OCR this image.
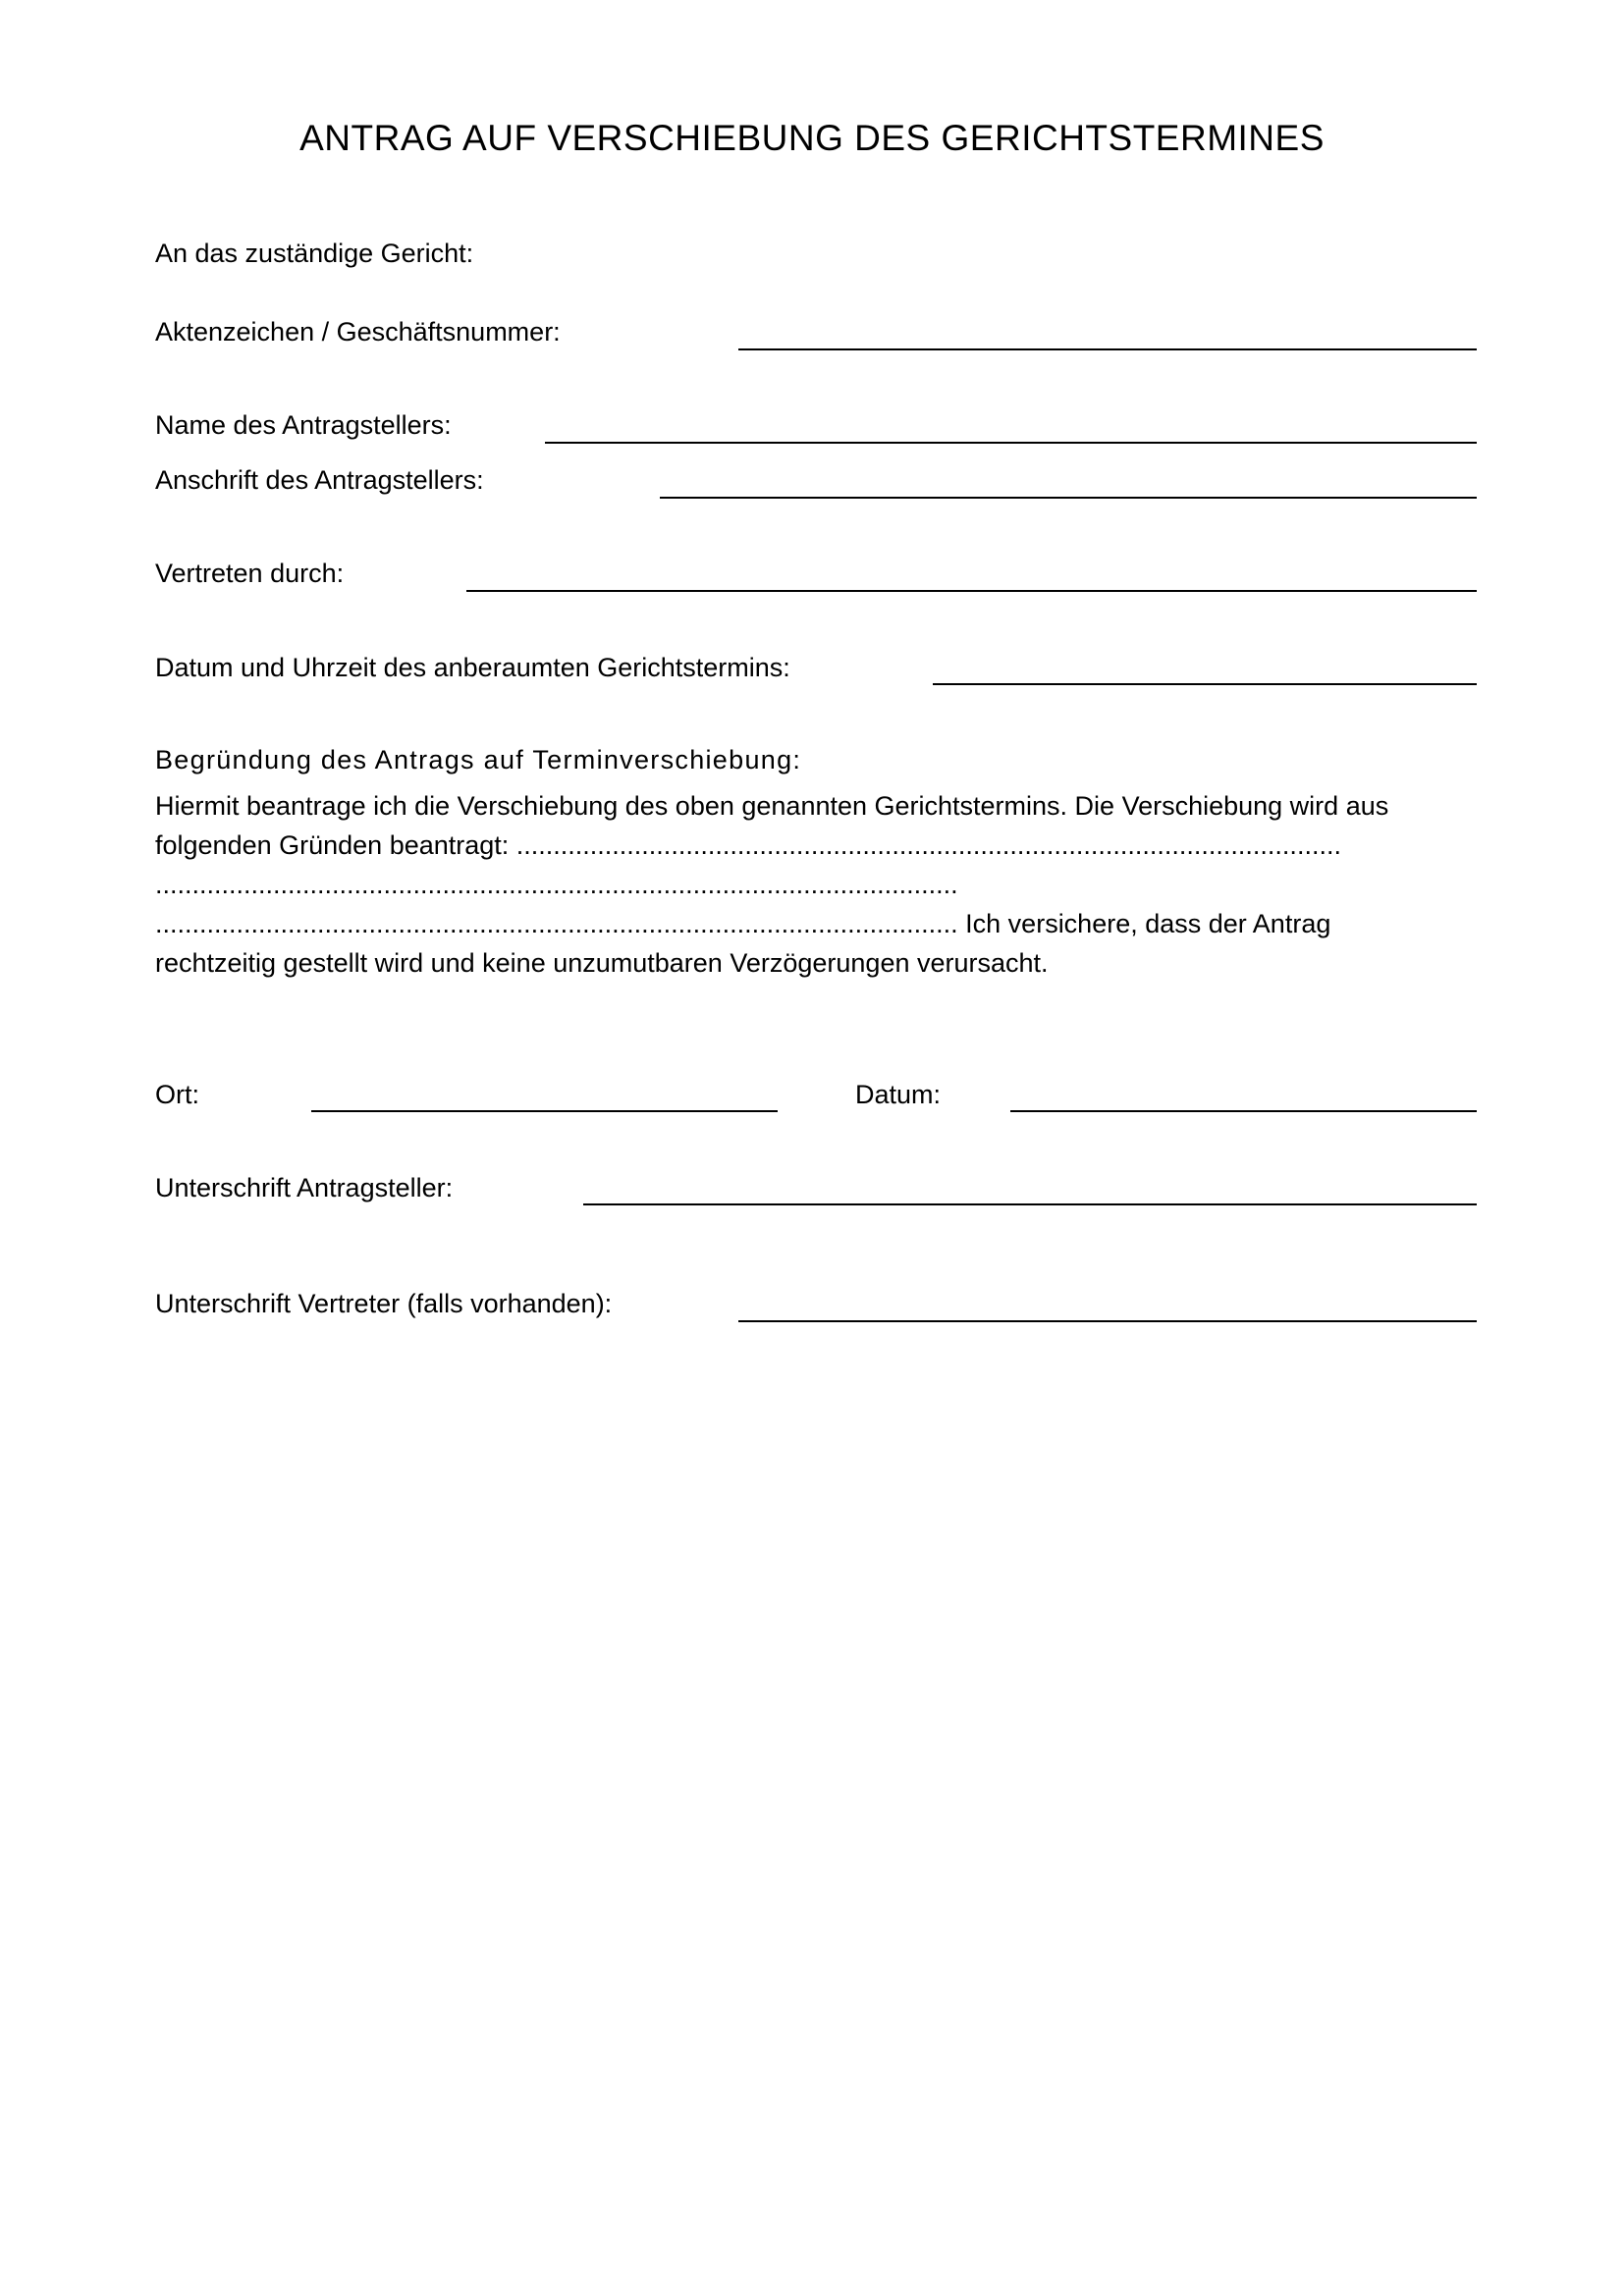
ANTRAG AUF VERSCHIEBUNG DES GERICHTSTERMINES
An das zuständige Gericht:
Aktenzeichen / Geschäftsnummer:
Name des Antragstellers:
Anschrift des Antragstellers:
Vertreten durch:
Datum und Uhrzeit des anberaumten Gerichtstermins:
Begründung des Antrags auf Terminverschiebung:
Hiermit beantrage ich die Verschiebung des oben genannten Gerichtstermins. Die Verschiebung wird aus
folgenden Gründen beantragt: ................................................................................................................
.............................................................................................................
............................................................................................................. Ich versichere, dass der Antrag
rechtzeitig gestellt wird und keine unzumutbaren Verzögerungen verursacht.
Ort:	Datum:
Unterschrift Antragsteller:
Unterschrift Vertreter (falls vorhanden):
